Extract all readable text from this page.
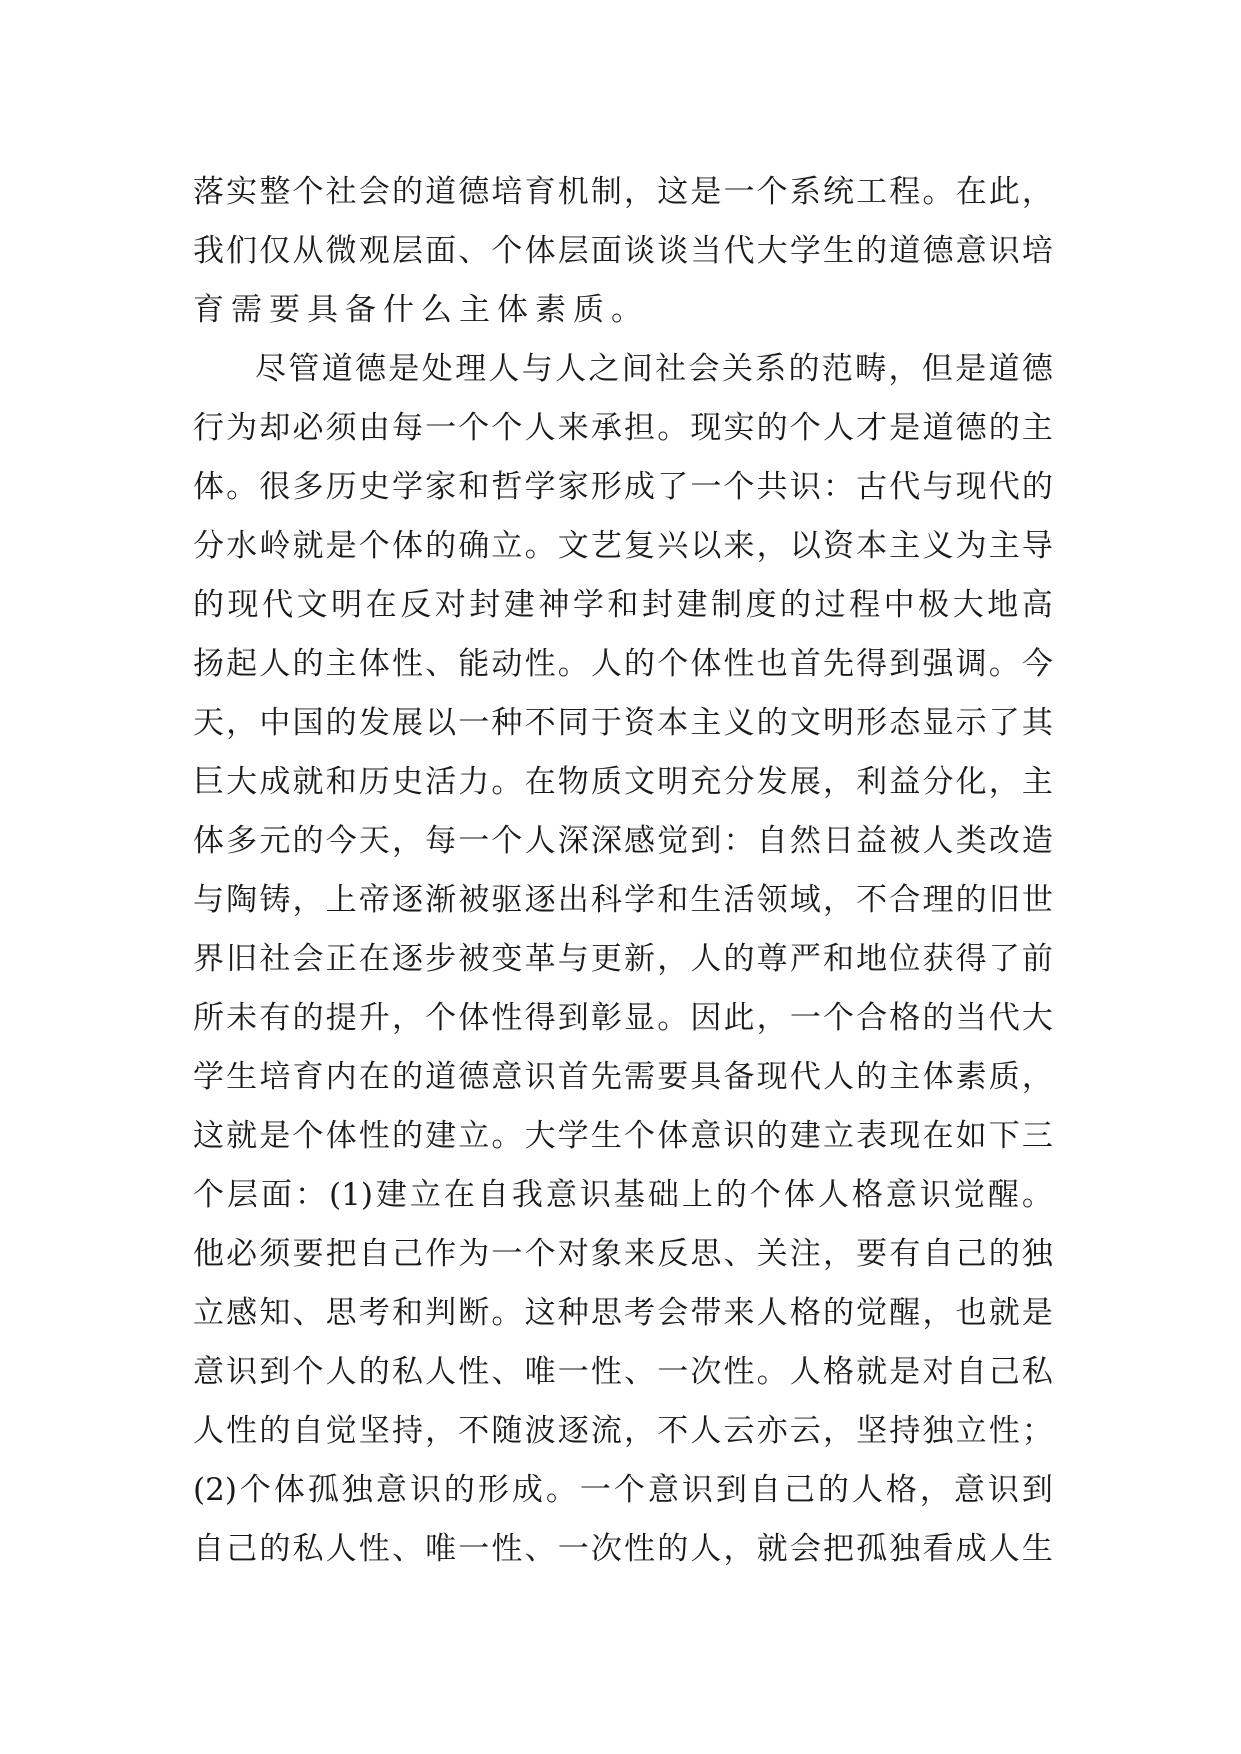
落 实 整 个 社 会 的 道 德 培 育 机 制 ， 这 是 一 个 系 统 工 程 。 在 此 ，
我 们 仅 从 微 观 层 面 、 个 体 层 面 谈 谈 当 代 大 学 生 的 道 德 意 识 培
育需要具备什么主体素质。
尽 管 道 德 是 处 理 人 与 人 之 间 社 会 关 系 的 范 畴 ， 但 是 道 德
行 为 却 必 须 由 每 一 个 个 人 来 承 担 。 现 实 的 个 人 才 是 道 德 的 主
体 。 很 多 历 史 学 家 和 哲 学 家 形 成 了 一 个 共 识 ： 古 代 与 现 代 的
分 水 岭 就 是 个 体 的 确 立 。 文 艺 复 兴 以 来 ， 以 资 本 主 义 为 主 导
的 现 代 文 明 在 反 对 封 建 神 学 和 封 建 制 度 的 过 程 中 极 大 地 高
扬 起 人 的 主 体 性 、 能 动 性 。 人 的 个 体 性 也 首 先 得 到 强 调 。 今
天 ， 中 国 的 发 展 以 一 种 不 同 于 资 本 主 义 的 文 明 形 态 显 示 了 其
巨 大 成 就 和 历 史 活 力 。 在 物 质 文 明 充 分 发 展 ， 利 益 分 化 ， 主
体 多 元 的 今 天 ， 每 一 个 人 深 深 感 觉 到 ： 自 然 日 益 被 人 类 改 造
与 陶 铸 ， 上 帝 逐 渐 被 驱 逐 出 科 学 和 生 活 领 域 ， 不 合 理 的 旧 世
界 旧 社 会 正 在 逐 步 被 变 革 与 更 新 ， 人 的 尊 严 和 地 位 获 得 了 前
所 未 有 的 提 升 ， 个 体 性 得 到 彰 显 。 因 此 ， 一 个 合 格 的 当 代 大
学 生 培 育 内 在 的 道 德 意 识 首 先 需 要 具 备 现 代 人 的 主 体 素 质 ，
这 就 是 个 体 性 的 建 立 。 大 学 生 个 体 意 识 的 建 立 表 现 在 如 下 三
个 层 面 ： (1) 建 立 在 自 我 意 识 基 础 上 的 个 体 人 格 意 识 觉 醒 。
他 必 须 要 把 自 己 作 为 一 个 对 象 来 反 思 、 关 注 ， 要 有 自 己 的 独
立 感 知 、 思 考 和 判 断 。 这 种 思 考 会 带 来 人 格 的 觉 醒 ， 也 就 是
意 识 到 个 人 的 私 人 性 、 唯 一 性 、 一 次 性 。 人 格 就 是 对 自 己 私
人 性 的 自 觉 坚 持 ， 不 随 波 逐 流 ， 不 人 云 亦 云 ， 坚 持 独 立 性 ；
(2) 个 体 孤 独 意 识 的 形 成 。 一 个 意 识 到 自 己 的 人 格 ， 意 识 到
自 己 的 私 人 性 、 唯 一 性 、 一 次 性 的 人 ， 就 会 把 孤 独 看 成 人 生
